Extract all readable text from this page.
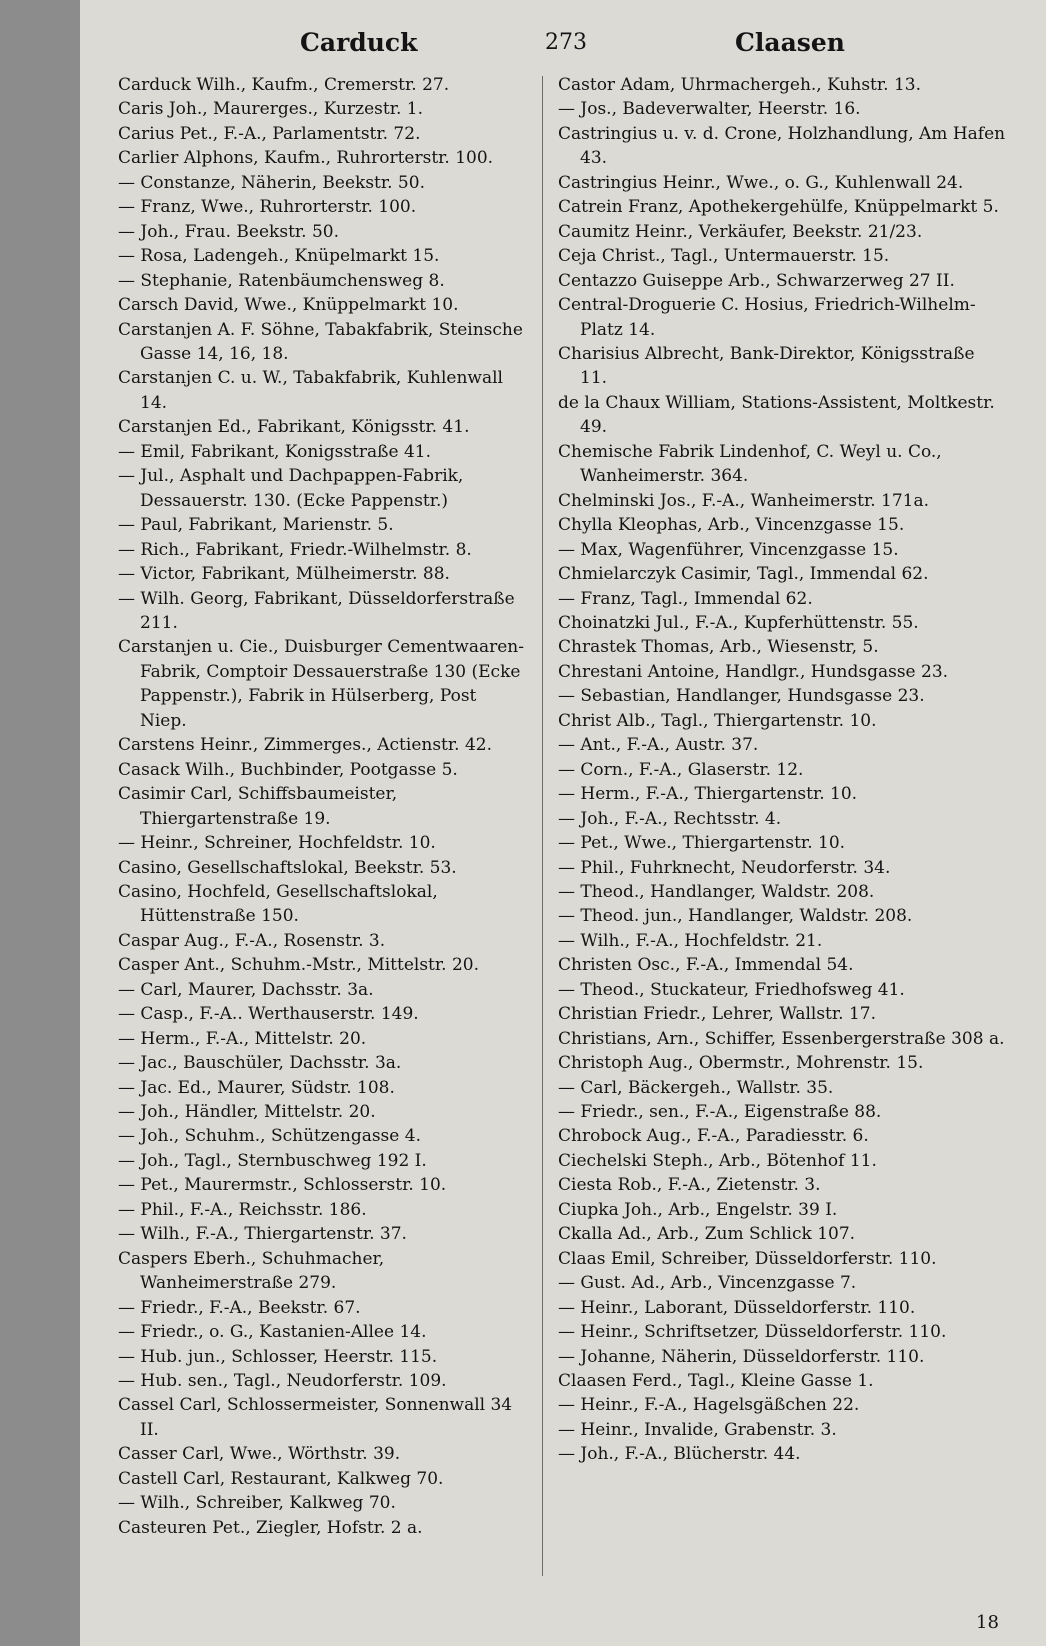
Carduck	273	Claasen
Carduck Wilh., Kaufm., Cremerstr. 27.
Caris Joh., Maurerges., Kurzestr. 1.
Carius Pet., F.-A., Parlamentstr. 72.
Carlier Alphons, Kaufm., Ruhrorterstr. 100.
— Constanze, Näherin, Beekstr. 50.
— Franz, Wwe., Ruhrorterstr. 100.
— Joh., Frau. Beekstr. 50.
— Rosa, Ladengeh., Knüpelmarkt 15.
— Stephanie, Ratenbäumchensweg 8.
Carsch David, Wwe., Knüppelmarkt 10.
Carstanjen A. F. Söhne, Tabakfabrik, Steinsche Gasse 14, 16, 18.
Carstanjen C. u. W., Tabakfabrik, Kuhlenwall 14.
Carstanjen Ed., Fabrikant, Königsstr. 41.
— Emil, Fabrikant, Konigsstraße 41.
— Jul., Asphalt und Dachpappen-Fabrik, Dessauerstr. 130. (Ecke Pappenstr.)
— Paul, Fabrikant, Marienstr. 5.
— Rich., Fabrikant, Friedr.-Wilhelmstr. 8.
— Victor, Fabrikant, Mülheimerstr. 88.
— Wilh. Georg, Fabrikant, Düsseldorferstraße 211.
Carstanjen u. Cie., Duisburger Cementwaaren-Fabrik, Comptoir Dessauerstraße 130 (Ecke Pappenstr.), Fabrik in Hülserberg, Post Niep.
Carstens Heinr., Zimmerges., Actienstr. 42.
Casack Wilh., Buchbinder, Pootgasse 5.
Casimir Carl, Schiffsbaumeister, Thiergartenstraße 19.
— Heinr., Schreiner, Hochfeldstr. 10.
Casino, Gesellschaftslokal, Beekstr. 53.
Casino, Hochfeld, Gesellschaftslokal, Hüttenstraße 150.
Caspar Aug., F.-A., Rosenstr. 3.
Casper Ant., Schuhm.-Mstr., Mittelstr. 20.
— Carl, Maurer, Dachsstr. 3a.
— Casp., F.-A.. Werthauserstr. 149.
— Herm., F.-A., Mittelstr. 20.
— Jac., Bauschüler, Dachsstr. 3a.
— Jac. Ed., Maurer, Südstr. 108.
— Joh., Händler, Mittelstr. 20.
— Joh., Schuhm., Schützengasse 4.
— Joh., Tagl., Sternbuschweg 192 I.
— Pet., Maurermstr., Schlosserstr. 10.
— Phil., F.-A., Reichsstr. 186.
— Wilh., F.-A., Thiergartenstr. 37.
Caspers Eberh., Schuhmacher, Wanheimerstraße 279.
— Friedr., F.-A., Beekstr. 67.
— Friedr., o. G., Kastanien-Allee 14.
— Hub. jun., Schlosser, Heerstr. 115.
— Hub. sen., Tagl., Neudorferstr. 109.
Cassel Carl, Schlossermeister, Sonnenwall 34 II.
Casser Carl, Wwe., Wörthstr. 39.
Castell Carl, Restaurant, Kalkweg 70.
— Wilh., Schreiber, Kalkweg 70.
Casteuren Pet., Ziegler, Hofstr. 2 a.
Castor Adam, Uhrmachergeh., Kuhstr. 13.
— Jos., Badeverwalter, Heerstr. 16.
Castringius u. v. d. Crone, Holzhandlung, Am Hafen 43.
Castringius Heinr., Wwe., o. G., Kuhlenwall 24.
Catrein Franz, Apothekergehülfe, Knüppelmarkt 5.
Caumitz Heinr., Verkäufer, Beekstr. 21/23.
Ceja Christ., Tagl., Untermauerstr. 15.
Centazzo Guiseppe Arb., Schwarzerweg 27 II.
Central-Droguerie C. Hosius, Friedrich-Wilhelm-Platz 14.
Charisius Albrecht, Bank-Direktor, Königsstraße 11.
de la Chaux William, Stations-Assistent, Moltkestr. 49.
Chemische Fabrik Lindenhof, C. Weyl u. Co., Wanheimerstr. 364.
Chelminski Jos., F.-A., Wanheimerstr. 171a.
Chylla Kleophas, Arb., Vincenzgasse 15.
— Max, Wagenführer, Vincenzgasse 15.
Chmielarczyk Casimir, Tagl., Immendal 62.
— Franz, Tagl., Immendal 62.
Choinatzki Jul., F.-A., Kupferhüttenstr. 55.
Chrastek Thomas, Arb., Wiesenstr, 5.
Chrestani Antoine, Handlgr., Hundsgasse 23.
— Sebastian, Handlanger, Hundsgasse 23.
Christ Alb., Tagl., Thiergartenstr. 10.
— Ant., F.-A., Austr. 37.
— Corn., F.-A., Glaserstr. 12.
— Herm., F.-A., Thiergartenstr. 10.
— Joh., F.-A., Rechtsstr. 4.
— Pet., Wwe., Thiergartenstr. 10.
— Phil., Fuhrknecht, Neudorferstr. 34.
— Theod., Handlanger, Waldstr. 208.
— Theod. jun., Handlanger, Waldstr. 208.
— Wilh., F.-A., Hochfeldstr. 21.
Christen Osc., F.-A., Immendal 54.
— Theod., Stuckateur, Friedhofsweg 41.
Christian Friedr., Lehrer, Wallstr. 17.
Christians, Arn., Schiffer, Essenbergerstraße 308 a.
Christoph Aug., Obermstr., Mohrenstr. 15.
— Carl, Bäckergeh., Wallstr. 35.
— Friedr., sen., F.-A., Eigenstraße 88.
Chrobock Aug., F.-A., Paradiesstr. 6.
Ciechelski Steph., Arb., Bötenhof 11.
Ciesta Rob., F.-A., Zietenstr. 3.
Ciupka Joh., Arb., Engelstr. 39 I.
Ckalla Ad., Arb., Zum Schlick 107.
Claas Emil, Schreiber, Düsseldorferstr. 110.
— Gust. Ad., Arb., Vincenzgasse 7.
— Heinr., Laborant, Düsseldorferstr. 110.
— Heinr., Schriftsetzer, Düsseldorferstr. 110.
— Johanne, Näherin, Düsseldorferstr. 110.
Claasen Ferd., Tagl., Kleine Gasse 1.
— Heinr., F.-A., Hagelsgäßchen 22.
— Heinr., Invalide, Grabenstr. 3.
— Joh., F.-A., Blücherstr. 44.
18
